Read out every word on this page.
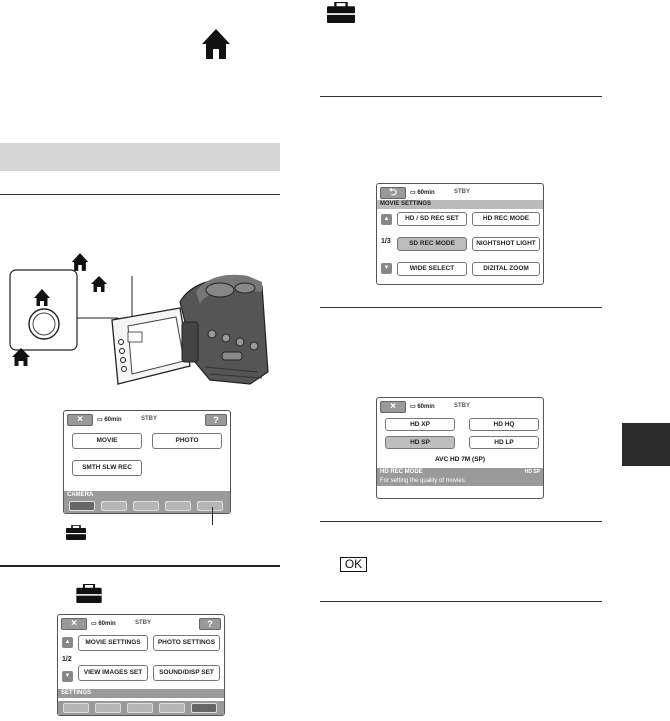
×	▭ 60min	STBY	?
MOVIE	PHOTO
SMTH SLW REC
CAMERA
×	▭ 60min	STBY	?
▲
1/2
▼
MOVIE SETTINGS	PHOTO SETTINGS
VIEW IMAGES SET	SOUND/DISP SET
SETTINGS
⮌	▭ 60min	STBY
MOVIE SETTINGS
▲
1/3
▼
HD / SD REC SET	HD REC MODE
SD REC MODE	NIGHTSHOT LIGHT
WIDE SELECT	DIZITAL ZOOM
×	▭ 60min	STBY
HD XP	HD HQ
HD SP	HD LP
AVC HD 7M (SP)
HD REC MODE	HD SP
For setting the quality of movies.
OK
